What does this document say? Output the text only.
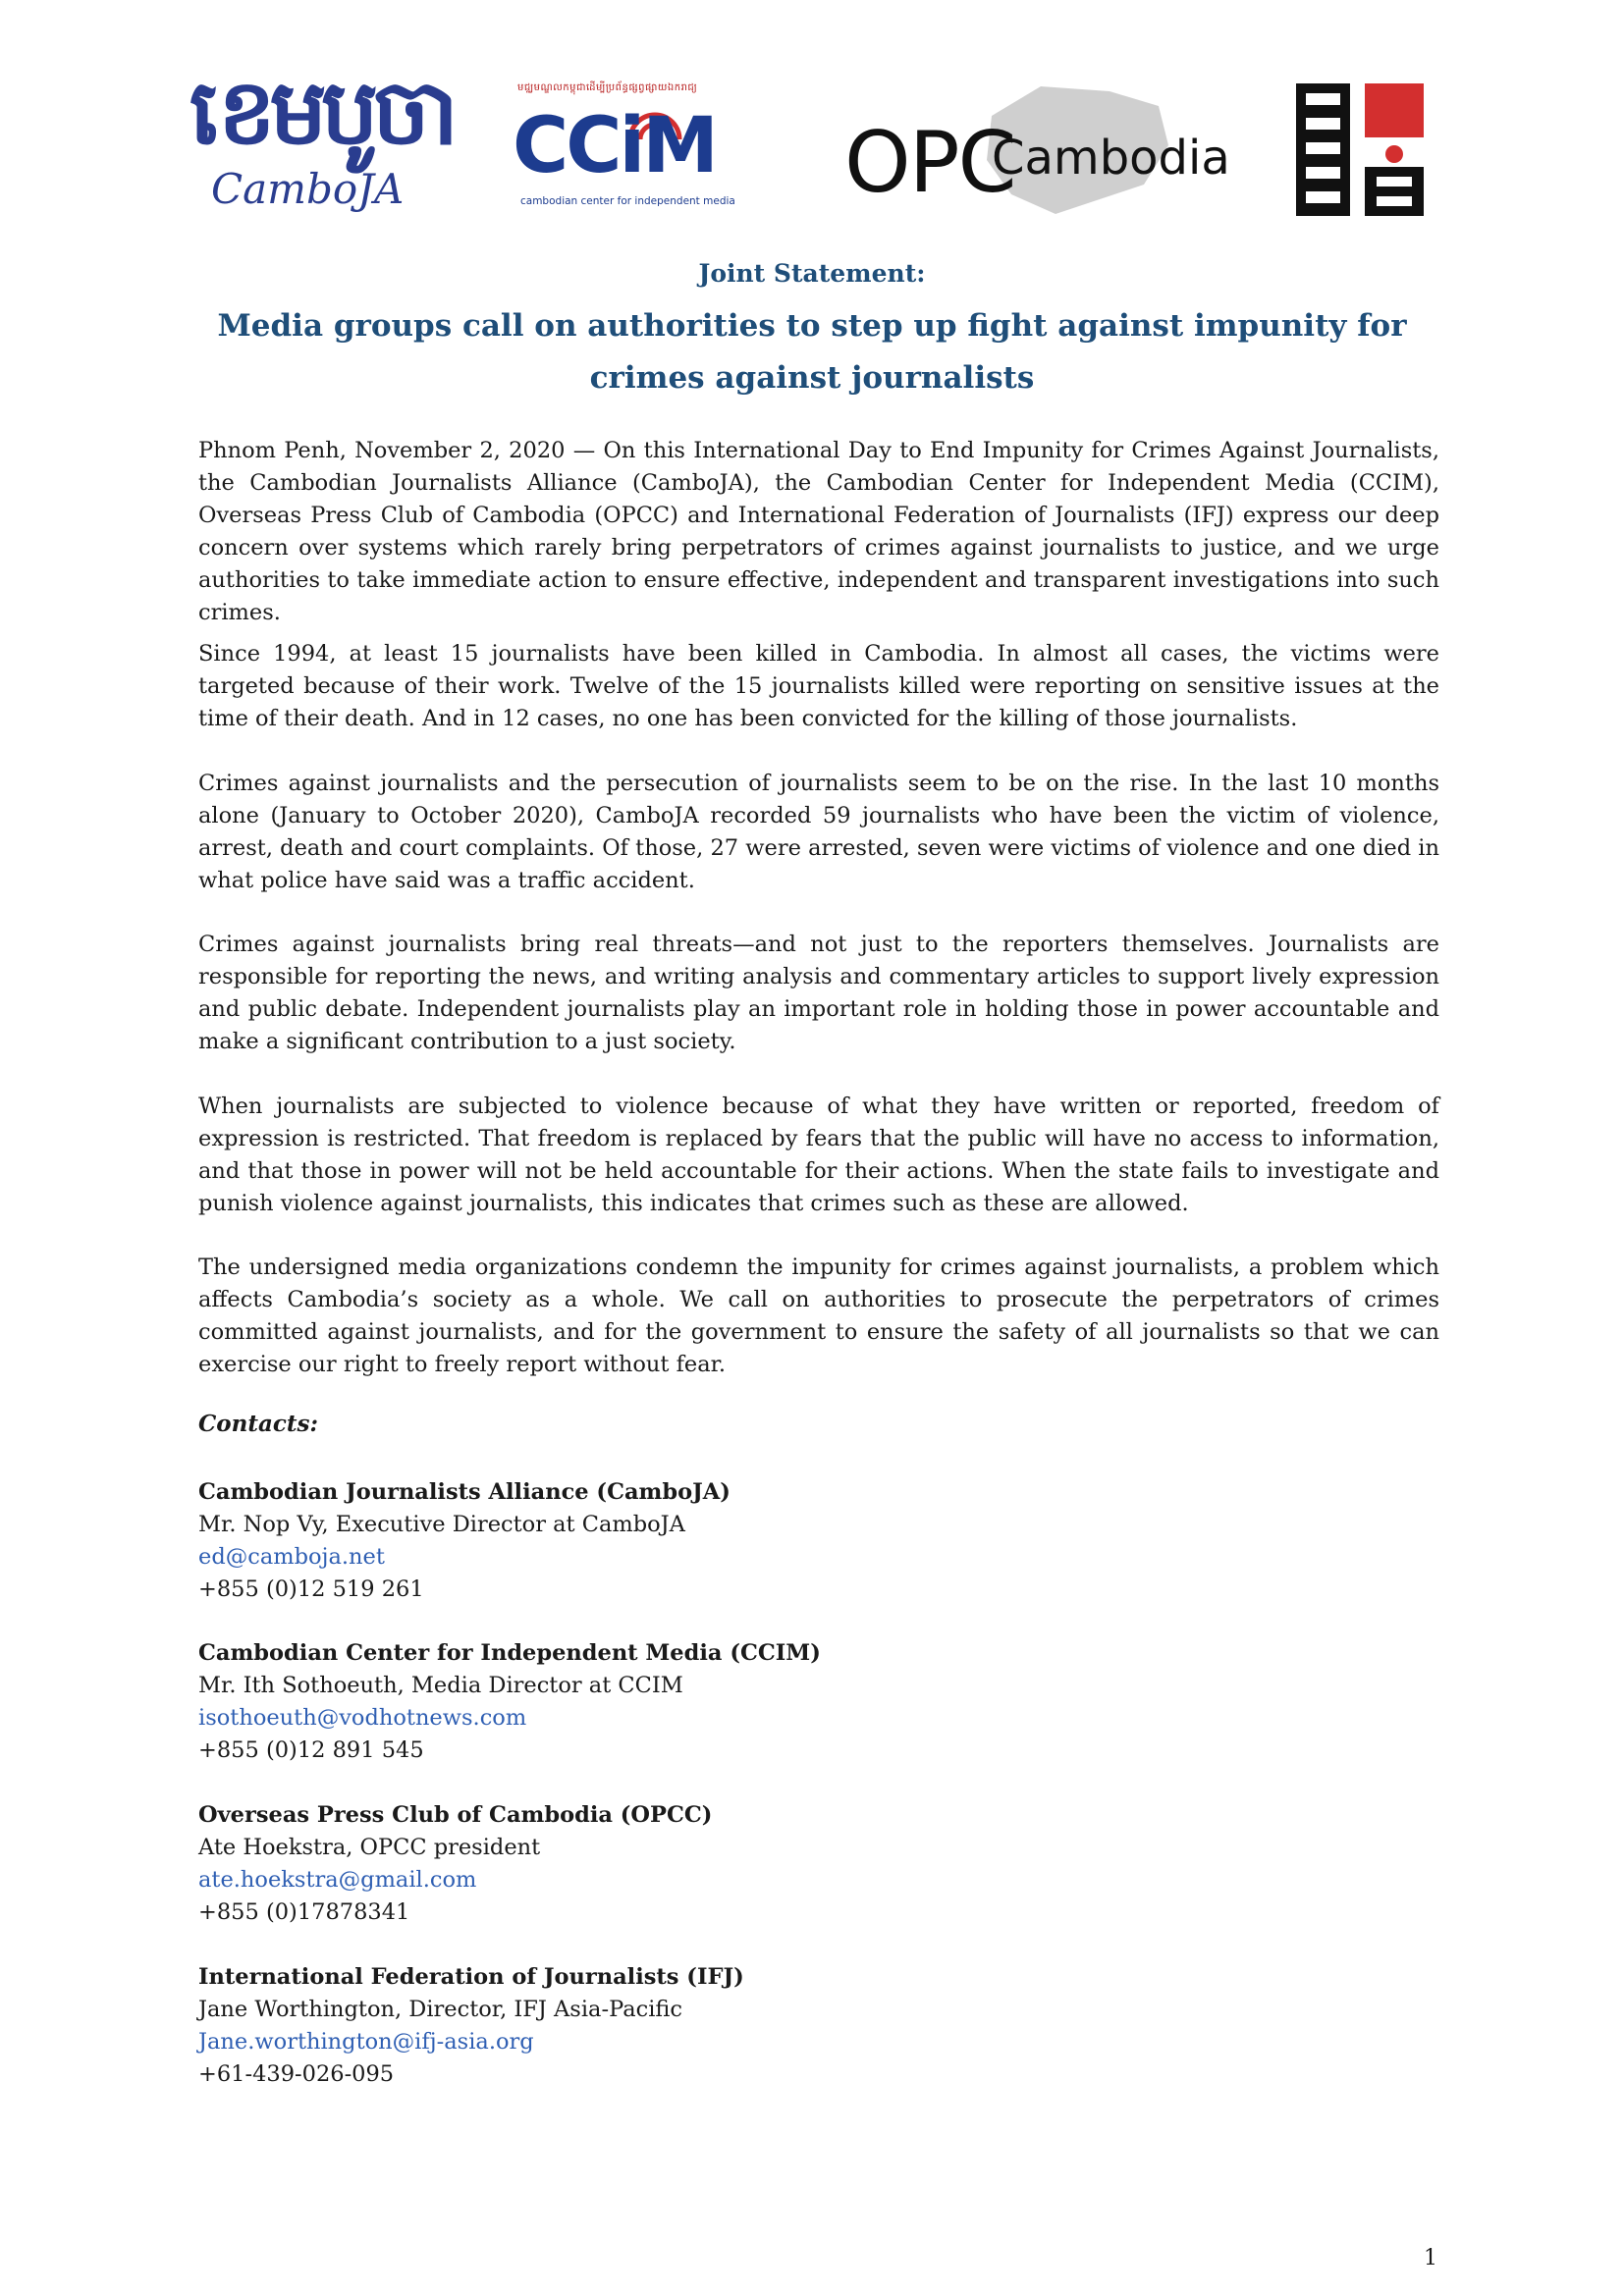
ខេមបូចា
CamboJA
មជ្ឈមណ្ឌលកម្ពុជាដើម្បីប្រព័ន្ធផ្សព្វផ្សាយឯករាជ្យ
CCiM
cambodian center for independent media OPC
Cambodia
Joint Statement:
Media groups call on authorities to step up fight against impunity for crimes against journalists

Phnom Penh, November 2, 2020 — On this International Day to End Impunity for Crimes Against Journalists, the Cambodian Journalists Alliance (CamboJA), the Cambodian Center for Independent Media (CCIM), Overseas Press Club of Cambodia (OPCC) and International Federation of Journalists (IFJ) express our deep concern over systems which rarely bring perpetrators of crimes against journalists to justice, and we urge authorities to take immediate action to ensure effective, independent and transparent investigations into such crimes.

Since 1994, at least 15 journalists have been killed in Cambodia. In almost all cases, the victims were targeted because of their work. Twelve of the 15 journalists killed were reporting on sensitive issues at the time of their death. And in 12 cases, no one has been convicted for the killing of those journalists.

Crimes against journalists and the persecution of journalists seem to be on the rise. In the last 10 months alone (January to October 2020), CamboJA recorded 59 journalists who have been the victim of violence, arrest, death and court complaints. Of those, 27 were arrested, seven were victims of violence and one died in what police have said was a traffic accident.

Crimes against journalists bring real threats—and not just to the reporters themselves. Journalists are responsible for reporting the news, and writing analysis and commentary articles to support lively expression and public debate. Independent journalists play an important role in holding those in power accountable and make a significant contribution to a just society.

When journalists are subjected to violence because of what they have written or reported, freedom of expression is restricted. That freedom is replaced by fears that the public will have no access to information, and that those in power will not be held accountable for their actions. When the state fails to investigate and punish violence against journalists, this indicates that crimes such as these are allowed.

The undersigned media organizations condemn the impunity for crimes against journalists, a problem which affects Cambodia’s society as a whole. We call on authorities to prosecute the perpetrators of crimes committed against journalists, and for the government to ensure the safety of all journalists so that we can exercise our right to freely report without fear.

Contacts:
Cambodian Journalists Alliance (CamboJA)
Mr. Nop Vy, Executive Director at CamboJA
ed@camboja.net
+855 (0)12 519 261
Cambodian Center for Independent Media (CCIM)
Mr. Ith Sothoeuth, Media Director at CCIM
isothoeuth@vodhotnews.com
+855 (0)12 891 545
Overseas Press Club of Cambodia (OPCC)
Ate Hoekstra, OPCC president
ate.hoekstra@gmail.com
+855 (0)17878341
International Federation of Journalists (IFJ)
Jane Worthington, Director, IFJ Asia-Pacific
Jane.worthington@ifj-asia.org
+61-439-026-095
1
